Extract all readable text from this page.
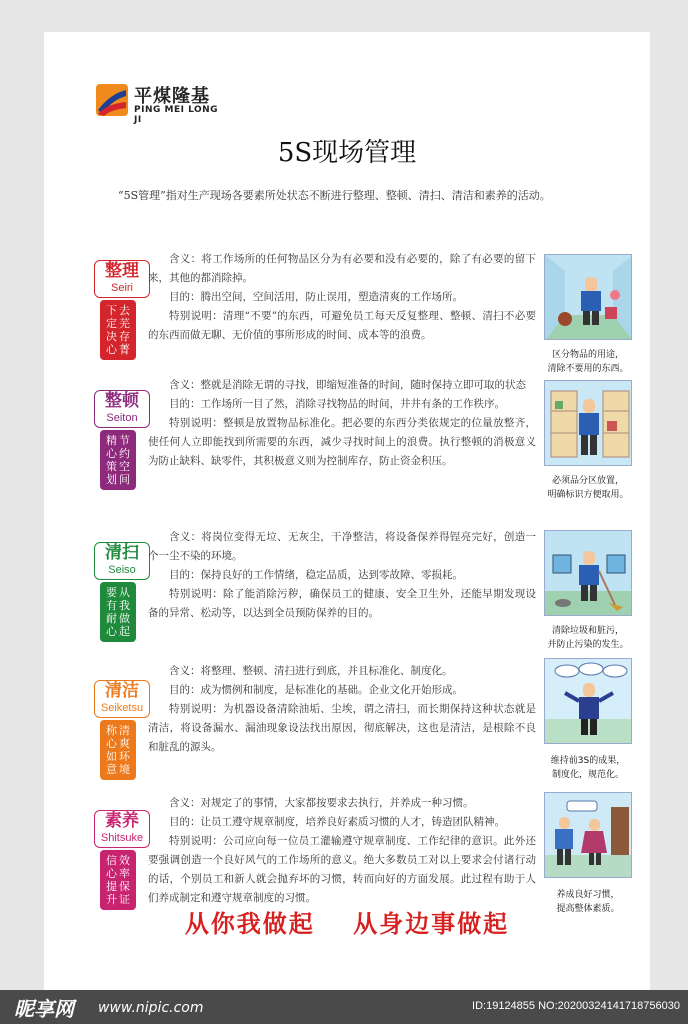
平煤隆基
PING MEI LONG JI
5S现场管理
“5S管理”指对生产现场各要素所处状态不断进行整理、整顿、清扫、清洁和素养的活动。
整理
Seiri
下
定
决
心
去
芜
存
菁

含义：将工作场所的任何物品区分为有必要和没有必要的，除了有必要的留下来，其他的都消除掉。

目的：腾出空间，空间活用，防止误用，塑造清爽的工作场所。

特别说明：清理“不要”的东西，可避免员工每天反复整理、整顿、清扫不必要的东西而做无聊、无价值的事所形成的时间、成本等的浪费。

区分物品的用途，
清除不要用的东西。
整顿
Seiton
精
心
策
划
节
约
空
间

含义：整就是消除无谓的寻找，即缩短准备的时间，随时保持立即可取的状态

目的：工作场所一目了然，消除寻找物品的时间，井井有条的工作秩序。

特别说明：整顿是放置物品标准化。把必要的东西分类依规定的位量放整齐，使任何人立即能找到所需要的东西，减少寻找时间上的浪费。执行整顿的消极意义为防止缺料、缺零件，其积极意义则为控制库存，防止资金积压。

必须品分区放置，
明确标识方便取用。
清扫
Seiso
要
有
耐
心
从
我
做
起

含义：将岗位变得无垃、无灰尘，干净整洁，将设备保养得锃亮完好，创造一个一尘不染的环境。

目的：保持良好的工作情绪，稳定品质，达到零故障、零损耗。

特别说明：除了能消除污秽，确保员工的健康、安全卫生外，还能早期发现设备的异常、松动等，以达到全员预防保养的目的。

清除垃圾和脏污，
并防止污染的发生。
清洁
Seiketsu
称
心
如
意
清
爽
环
境

含义：将整理、整顿、清扫进行到底，并且标准化、制度化。

目的：成为惯例和制度，是标准化的基础。企业文化开始形成。

特别说明：为机器设备清除油垢、尘埃，谓之清扫，而长期保持这种状态就是清洁，将设备漏水、漏油现象设法找出原因，彻底解决，这也是清洁，是根除不良和脏乱的源头。

维持前3S的成果，
制度化，规范化。
素养
Shitsuke
信
心
提
升
效
率
保
证

含义：对规定了的事情，大家都按要求去执行，并养成一种习惯。

目的：让员工遵守规章制度，培养良好素质习惯的人才，铸造团队精神。

特别说明：公司应向每一位员工灌输遵守规章制度、工作纪律的意识。此外还要强调创造一个良好风气的工作场所的意义。绝大多数员工对以上要求会付诸行动的话，个别员工和新人就会抛弃坏的习惯，转而向好的方面发展。此过程有助于人们养成制定和遵守规章制度的习惯。	养成良好习惯，
提高整体素质。
从你我做起 从身边事做起
昵享网 www.nipic.com	ID:19124855 NO:20200324141718756030
